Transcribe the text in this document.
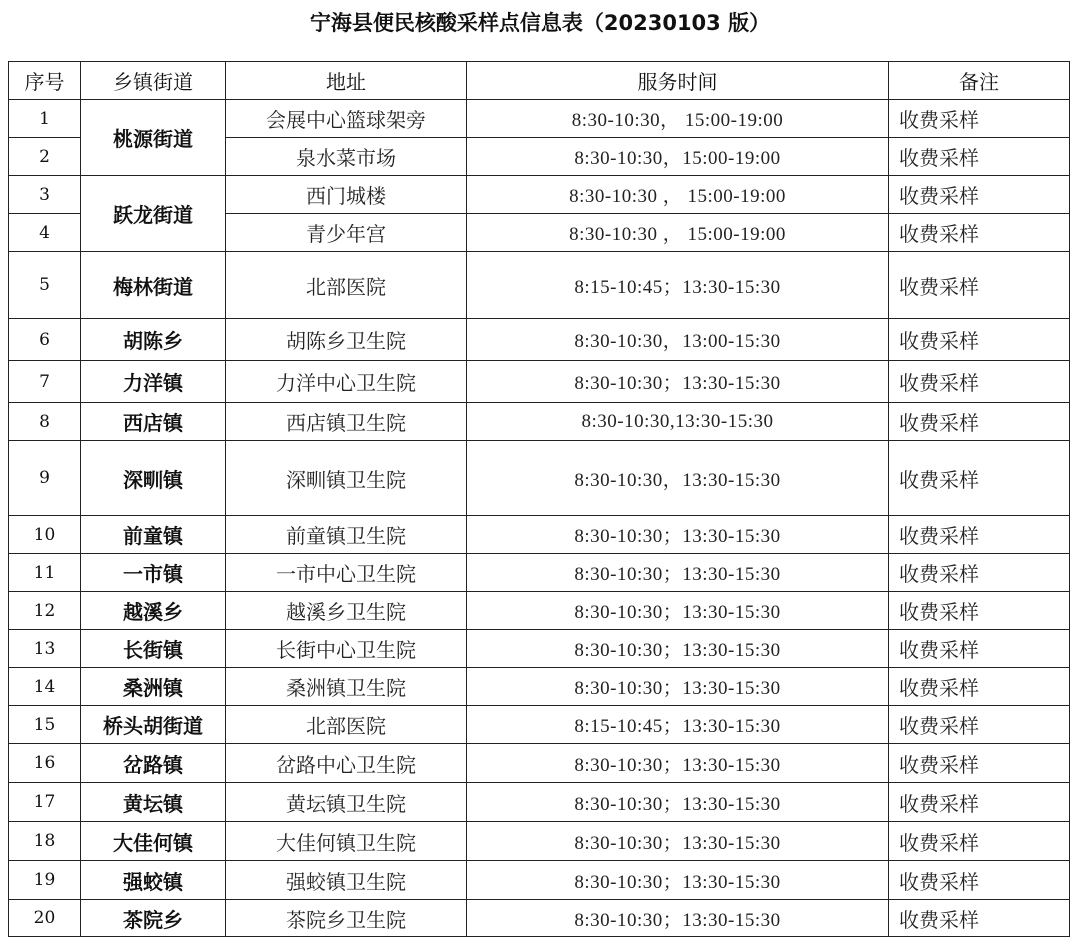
宁海县便民核酸采样点信息表（20230103 版）
序号	乡镇街道	地址	服务时间	备注
1	桃源街道	会展中心篮球架旁	8:30-10:30， 15:00-19:00	收费采样
2		泉水菜市场	8:30-10:30，15:00-19:00	收费采样
3	跃龙街道	西门城楼	8:30-10:30 ， 15:00-19:00	收费采样
4		青少年宫	8:30-10:30 ， 15:00-19:00	收费采样
5	梅林街道	北部医院	8:15-10:45；13:30-15:30	收费采样
6	胡陈乡	胡陈乡卫生院	8:30-10:30，13:00-15:30	收费采样
7	力洋镇	力洋中心卫生院	8:30-10:30；13:30-15:30	收费采样
8	西店镇	西店镇卫生院	8:30-10:30,13:30-15:30	收费采样
9	深甽镇	深甽镇卫生院	8:30-10:30，13:30-15:30	收费采样
10	前童镇	前童镇卫生院	8:30-10:30；13:30-15:30	收费采样
11	一市镇	一市中心卫生院	8:30-10:30；13:30-15:30	收费采样
12	越溪乡	越溪乡卫生院	8:30-10:30；13:30-15:30	收费采样
13	长街镇	长街中心卫生院	8:30-10:30；13:30-15:30	收费采样
14	桑洲镇	桑洲镇卫生院	8:30-10:30；13:30-15:30	收费采样
15	桥头胡街道	北部医院	8:15-10:45；13:30-15:30	收费采样
16	岔路镇	岔路中心卫生院	8:30-10:30；13:30-15:30	收费采样
17	黄坛镇	黄坛镇卫生院	8:30-10:30；13:30-15:30	收费采样
18	大佳何镇	大佳何镇卫生院	8:30-10:30；13:30-15:30	收费采样
19	强蛟镇	强蛟镇卫生院	8:30-10:30；13:30-15:30	收费采样
20	茶院乡	茶院乡卫生院	8:30-10:30；13:30-15:30	收费采样
